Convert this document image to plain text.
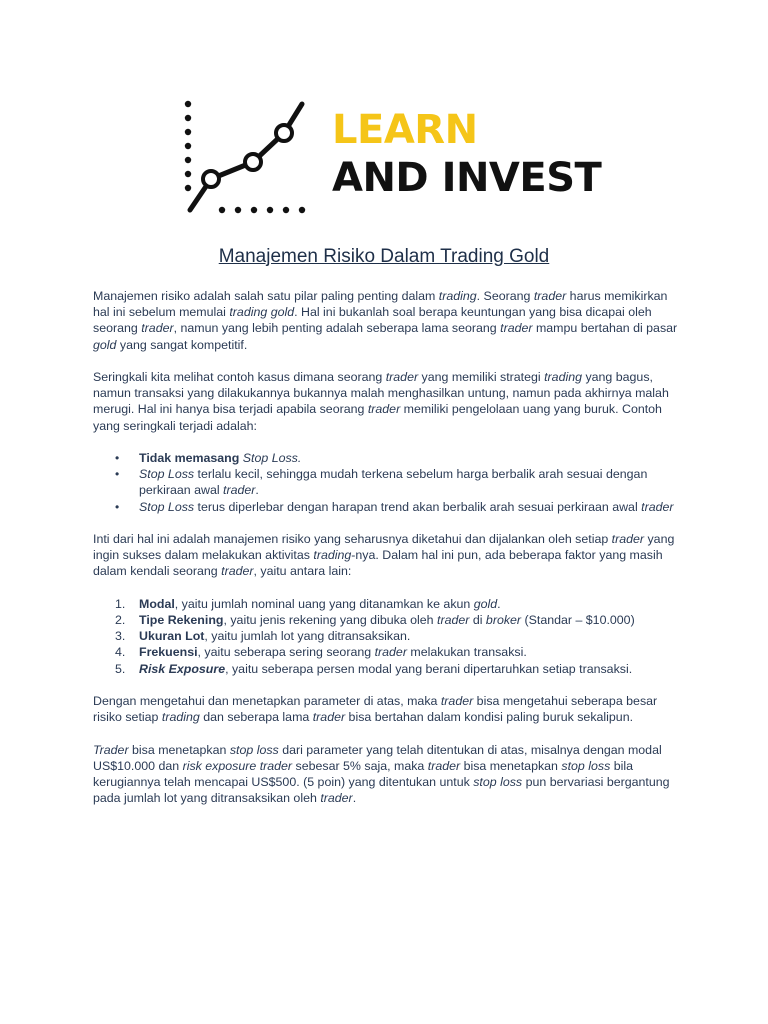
LEARN
AND INVEST
Manajemen Risiko Dalam Trading Gold

Manajemen risiko adalah salah satu pilar paling penting dalam trading. Seorang trader harus memikirkan hal ini sebelum memulai trading gold. Hal ini bukanlah soal berapa keuntungan yang bisa dicapai oleh seorang trader, namun yang lebih penting adalah seberapa lama seorang trader mampu bertahan di pasar gold yang sangat kompetitif.

Seringkali kita melihat contoh kasus dimana seorang trader yang memiliki strategi trading yang bagus, namun transaksi yang dilakukannya bukannya malah menghasilkan untung, namun pada akhirnya malah merugi. Hal ini hanya bisa terjadi apabila seorang trader memiliki pengelolaan uang yang buruk. Contoh yang seringkali terjadi adalah:

• Tidak memasang Stop Loss.
• Stop Loss terlalu kecil, sehingga mudah terkena sebelum harga berbalik arah sesuai dengan perkiraan awal trader.
• Stop Loss terus diperlebar dengan harapan trend akan berbalik arah sesuai perkiraan awal trader

Inti dari hal ini adalah manajemen risiko yang seharusnya diketahui dan dijalankan oleh setiap trader yang ingin sukses dalam melakukan aktivitas trading-nya. Dalam hal ini pun, ada beberapa faktor yang masih dalam kendali seorang trader, yaitu antara lain:

1. Modal, yaitu jumlah nominal uang yang ditanamkan ke akun gold.
2. Tipe Rekening, yaitu jenis rekening yang dibuka oleh trader di broker (Standar – $10.000)
3. Ukuran Lot, yaitu jumlah lot yang ditransaksikan.
4. Frekuensi, yaitu seberapa sering seorang trader melakukan transaksi.
5. Risk Exposure, yaitu seberapa persen modal yang berani dipertaruhkan setiap transaksi.

Dengan mengetahui dan menetapkan parameter di atas, maka trader bisa mengetahui seberapa besar risiko setiap trading dan seberapa lama trader bisa bertahan dalam kondisi paling buruk sekalipun.

Trader bisa menetapkan stop loss dari parameter yang telah ditentukan di atas, misalnya dengan modal US$10.000 dan risk exposure trader sebesar 5% saja, maka trader bisa menetapkan stop loss bila kerugiannya telah mencapai US$500. (5 poin) yang ditentukan untuk stop loss pun bervariasi bergantung pada jumlah lot yang ditransaksikan oleh trader.
